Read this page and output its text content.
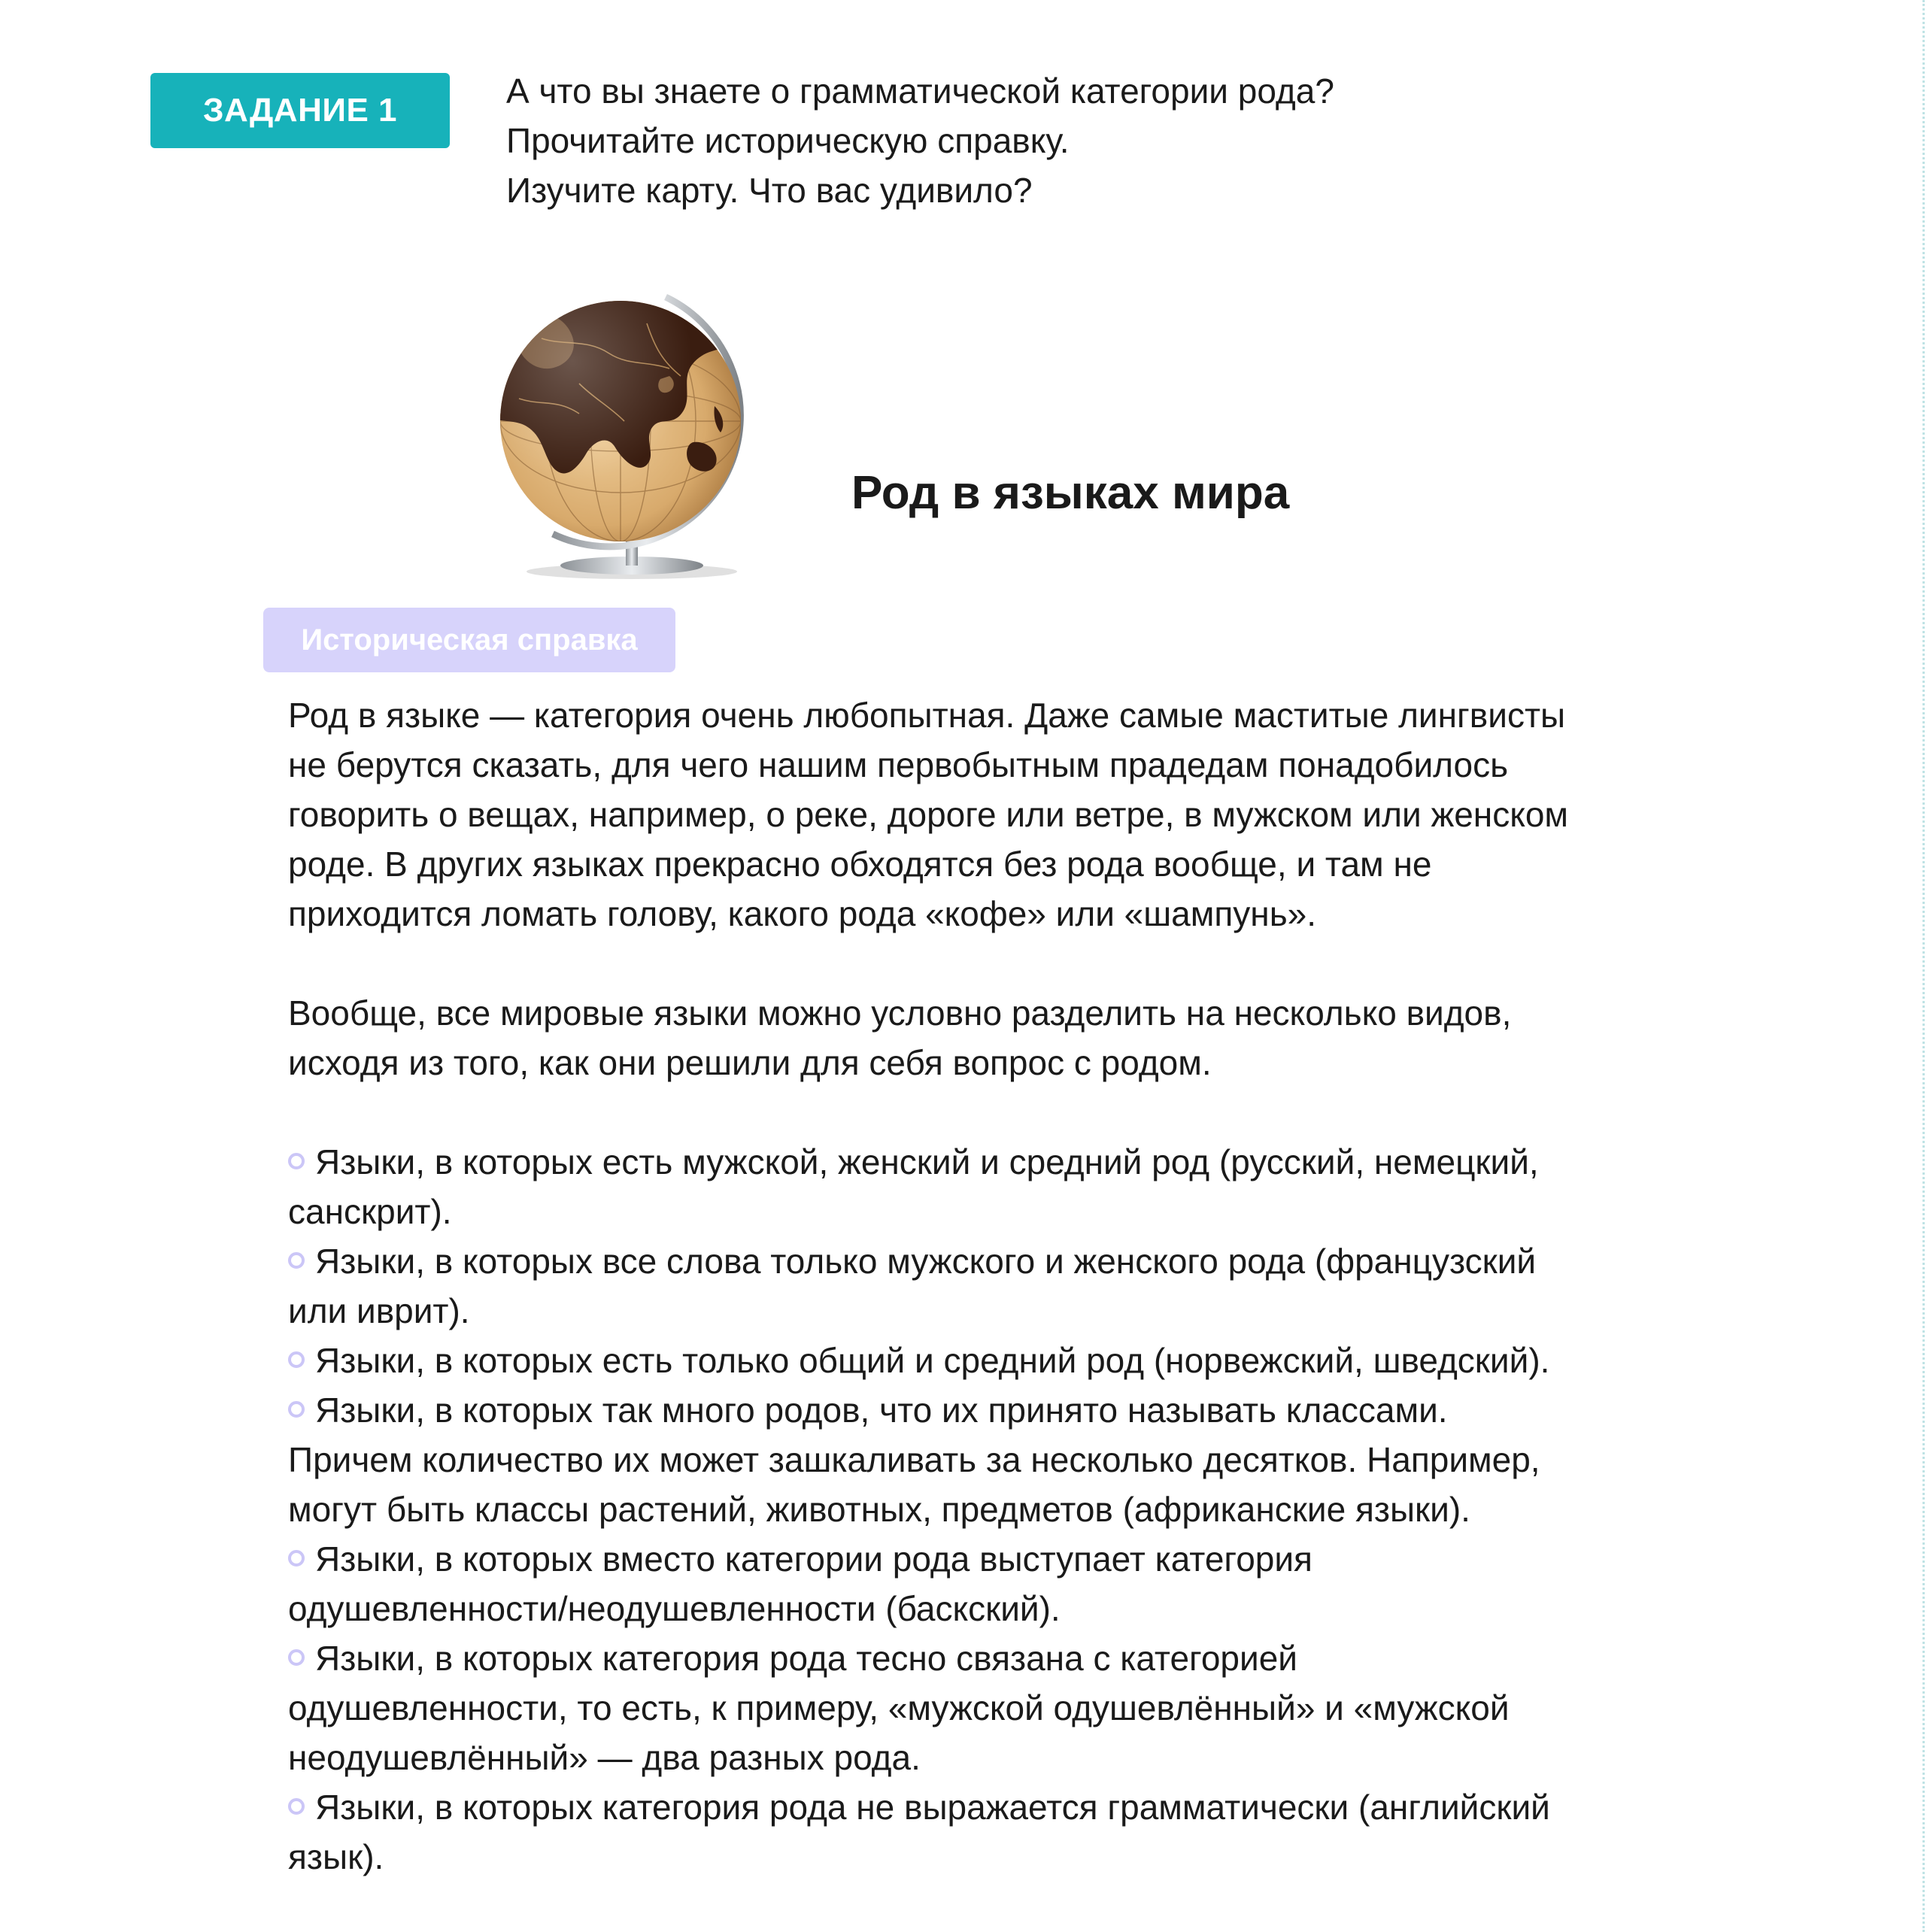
ЗАДАНИЕ 1	А что вы знаете о грамматической категории рода?
Прочитайте историческую справку.
Изучите карту. Что вас удивило?
Род в языках мира
Историческая справка
Род в языке — категория очень любопытная. Даже самые маститые лингвисты
не берутся сказать, для чего нашим первобытным прадедам понадобилось
говорить о вещах, например, о реке, дороге или ветре, в мужском или женском
роде. В других языках прекрасно обходятся без рода вообще, и там не
приходится ломать голову, какого рода «кофе» или «шампунь».
Вообще, все мировые языки можно условно разделить на несколько видов,
исходя из того, как они решили для себя вопрос с родом.
Языки, в которых есть мужской, женский и средний род (русский, немецкий,
санскрит).
Языки, в которых все слова только мужского и женского рода (французский
или иврит).
Языки, в которых есть только общий и средний род (норвежский, шведский).
Языки, в которых так много родов, что их принято называть классами.
Причем количество их может зашкаливать за несколько десятков. Например,
могут быть классы растений, животных, предметов (африканские языки).
Языки, в которых вместо категории рода выступает категория
одушевленности/неодушевленности (баскский).
Языки, в которых категория рода тесно связана с категорией
одушевленности, то есть, к примеру, «мужской одушевлённый» и «мужской
неодушевлённый» — два разных рода.
Языки, в которых категория рода не выражается грамматически (английский
язык).
